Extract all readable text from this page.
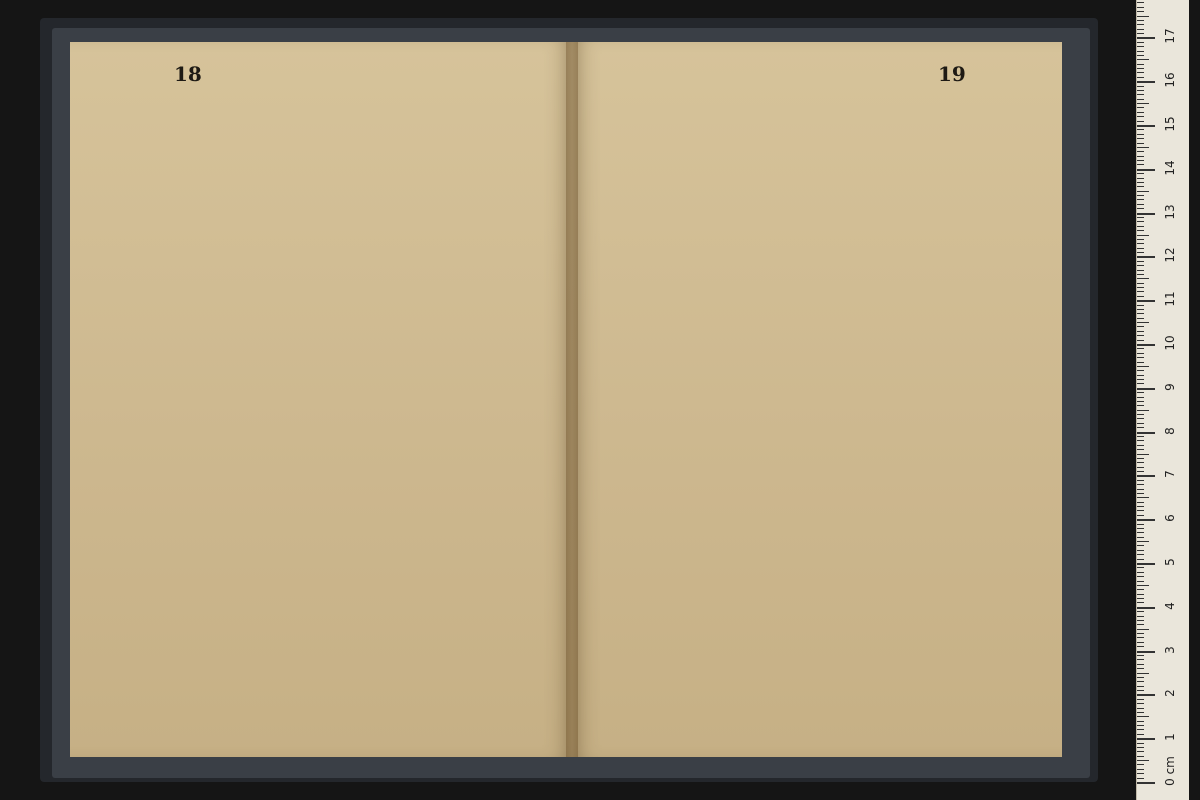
18	19
0 cm
1
2
3
4
5
6
7
8
9
10
11
12
13
14
15
16
17
